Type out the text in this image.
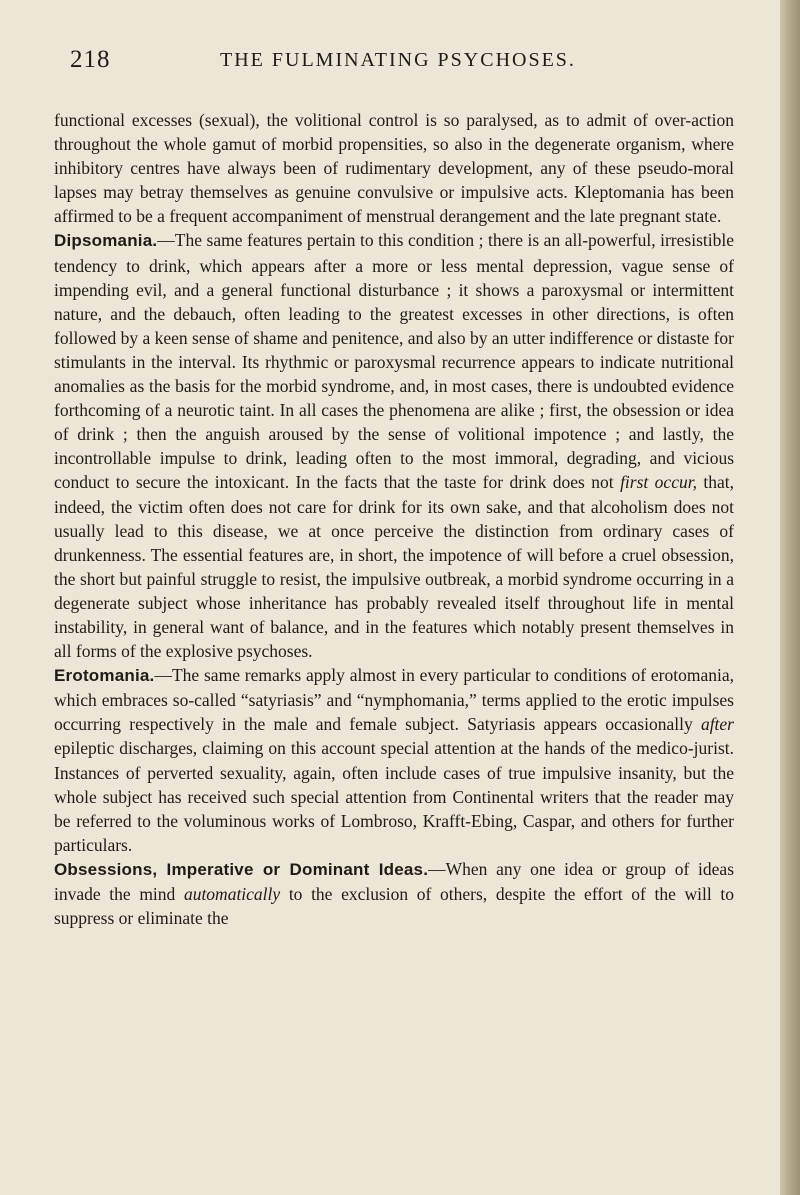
218	THE FULMINATING PSYCHOSES.

functional excesses (sexual), the volitional control is so paralysed, as to admit of over-action throughout the whole gamut of morbid propensities, so also in the degenerate organism, where inhibitory centres have always been of rudimentary development, any of these pseudo-moral lapses may betray themselves as genuine convulsive or impulsive acts. Kleptomania has been affirmed to be a frequent accompaniment of menstrual derangement and the late pregnant state.

Dipsomania.—The same features pertain to this condition ; there is an all-powerful, irresistible tendency to drink, which appears after a more or less mental depression, vague sense of impending evil, and a general functional disturbance ; it shows a paroxysmal or intermittent nature, and the debauch, often leading to the greatest excesses in other directions, is often followed by a keen sense of shame and penitence, and also by an utter indifference or distaste for stimulants in the interval. Its rhythmic or paroxysmal recurrence appears to indicate nutritional anomalies as the basis for the morbid syndrome, and, in most cases, there is undoubted evidence forthcoming of a neurotic taint. In all cases the phenomena are alike ; first, the obsession or idea of drink ; then the anguish aroused by the sense of volitional impotence ; and lastly, the incontrollable impulse to drink, leading often to the most immoral, degrading, and vicious conduct to secure the intoxicant. In the facts that the taste for drink does not first occur, that, indeed, the victim often does not care for drink for its own sake, and that alcoholism does not usually lead to this disease, we at once perceive the distinction from ordinary cases of drunkenness. The essential features are, in short, the impotence of will before a cruel obsession, the short but painful struggle to resist, the impulsive outbreak, a morbid syndrome occurring in a degenerate subject whose inheritance has probably revealed itself throughout life in mental instability, in general want of balance, and in the features which notably present themselves in all forms of the explosive psychoses.

Erotomania.—The same remarks apply almost in every particular to conditions of erotomania, which embraces so-called “satyriasis” and “nymphomania,” terms applied to the erotic impulses occurring respectively in the male and female subject. Satyriasis appears occasionally after epileptic discharges, claiming on this account special attention at the hands of the medico-jurist. Instances of perverted sexuality, again, often include cases of true impulsive insanity, but the whole subject has received such special attention from Continental writers that the reader may be referred to the voluminous works of Lombroso, Krafft-Ebing, Caspar, and others for further particulars.

Obsessions, Imperative or Dominant Ideas.—When any one idea or group of ideas invade the mind automatically to the exclusion of others, despite the effort of the will to suppress or eliminate the
